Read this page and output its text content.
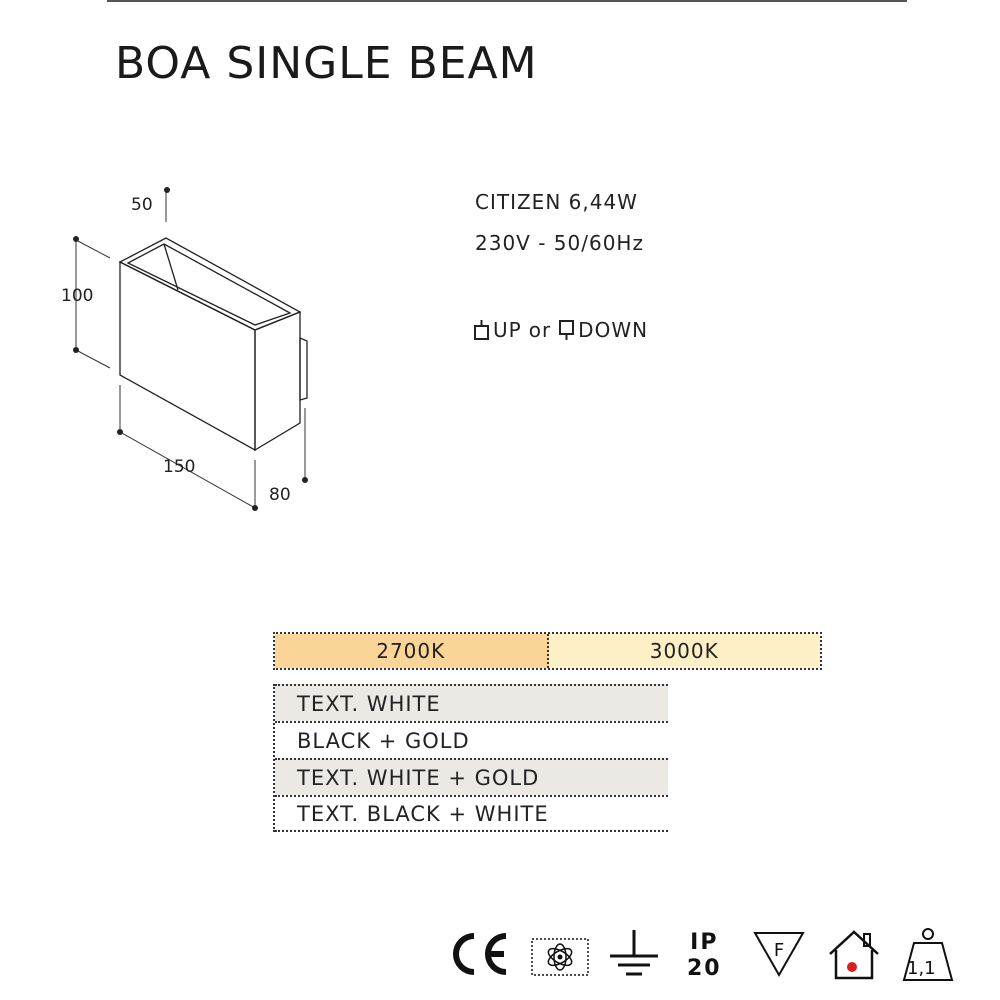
BOA SINGLE BEAM
50
100
150
80
CITIZEN 6,44W
230V - 50/60Hz
UP or DOWN
2700K	3000K
TEXT. WHITE
BLACK + GOLD
TEXT. WHITE + GOLD
TEXT. BLACK + WHITE
IP
20
F
1,1
